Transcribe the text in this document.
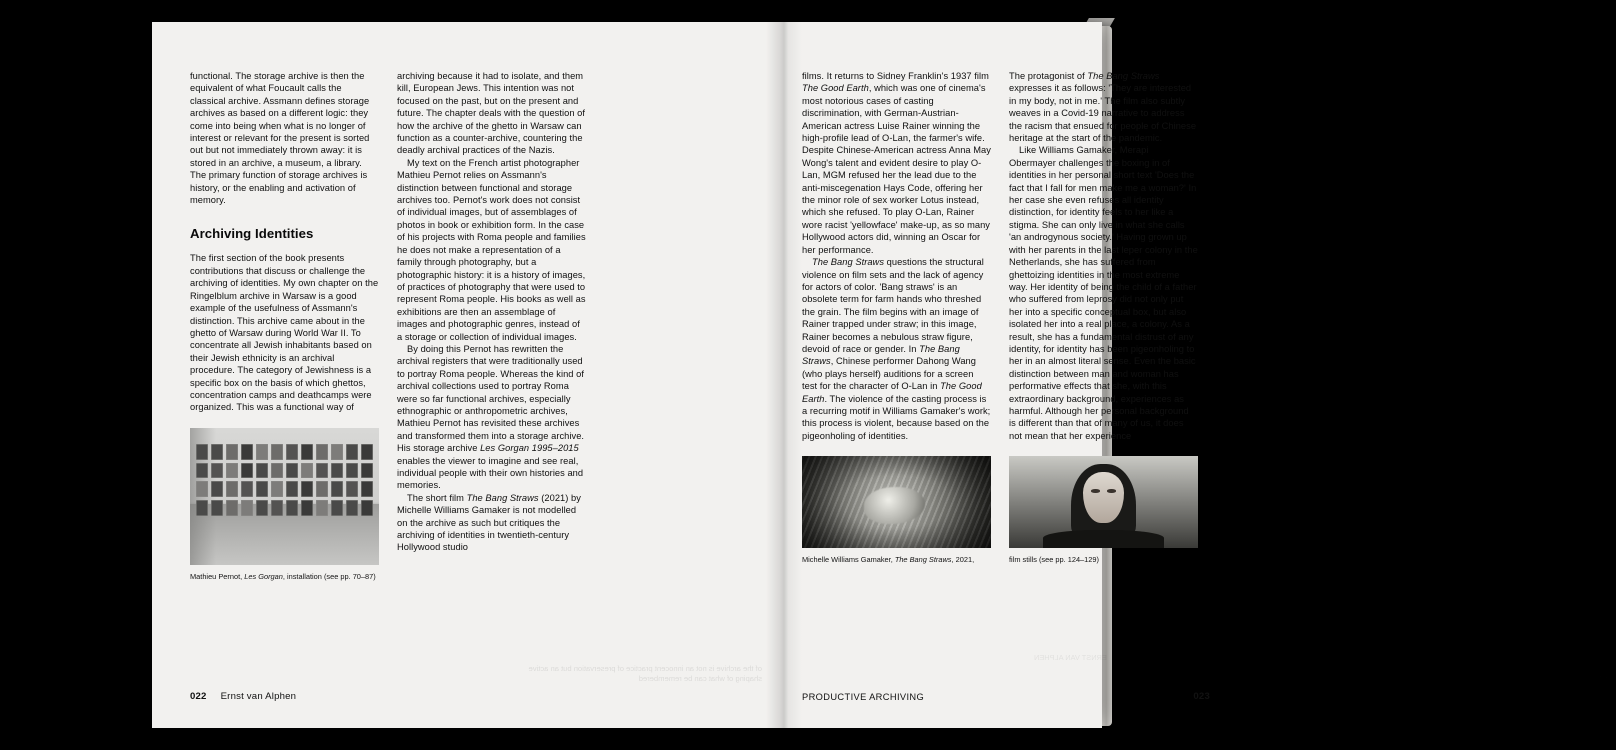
functional. The storage archive is then the equivalent of what Foucault calls the classical archive. Assmann defines storage archives as based on a different logic: they come into being when what is no longer of interest or relevant for the present is sorted out but not immediately thrown away: it is stored in an archive, a museum, a library. The primary function of storage archives is history, or the enabling and activation of memory.

Archiving Identities

The first section of the book presents contributions that discuss or challenge the archiving of identities. My own chapter on the Ringelblum archive in Warsaw is a good example of the usefulness of Assmann's distinction. This archive came about in the ghetto of Warsaw during World War II. To concentrate all Jewish inhabitants based on their Jewish ethnicity is an archival procedure. The category of Jewishness is a specific box on the basis of which ghettos, concentration camps and deathcamps were organized. This was a functional way of

Mathieu Pernot, Les Gorgan, installation (see pp. 70–87)

archiving because it had to isolate, and them kill, European Jews. This intention was not focused on the past, but on the present and future. The chapter deals with the question of how the archive of the ghetto in Warsaw can function as a counter-archive, countering the deadly archival practices of the Nazis.

My text on the French artist photographer Mathieu Pernot relies on Assmann's distinction between functional and storage archives too. Pernot's work does not consist of individual images, but of assemblages of photos in book or exhibition form. In the case of his projects with Roma people and families he does not make a representation of a family through photography, but a photographic history: it is a history of images, of practices of photography that were used to represent Roma people. His books as well as exhibitions are then an assemblage of images and photographic genres, instead of a storage or collection of individual images.

By doing this Pernot has rewritten the archival registers that were traditionally used to portray Roma people. Whereas the kind of archival collections used to portray Roma were so far functional archives, especially ethnographic or anthropometric archives, Mathieu Pernot has revisited these archives and transformed them into a storage archive. His storage archive Les Gorgan 1995–2015 enables the viewer to imagine and see real, individual people with their own histories and memories.

The short film The Bang Straws (2021) by Michelle Williams Gamaker is not modelled on the archive as such but critiques the archiving of identities in twentieth-century Hollywood studio

of the archive is not an innocent practice of preservation but an active shaping of what can be remembered
022 Ernst van Alphen

films. It returns to Sidney Franklin's 1937 film The Good Earth, which was one of cinema's most notorious cases of casting discrimination, with German-Austrian-American actress Luise Rainer winning the high-profile lead of O-Lan, the farmer's wife. Despite Chinese-American actress Anna May Wong's talent and evident desire to play O-Lan, MGM refused her the lead due to the anti-miscegenation Hays Code, offering her the minor role of sex worker Lotus instead, which she refused. To play O-Lan, Rainer wore racist 'yellowface' make-up, as so many Hollywood actors did, winning an Oscar for her performance.

The Bang Straws questions the structural violence on film sets and the lack of agency for actors of color. 'Bang straws' is an obsolete term for farm hands who threshed the grain. The film begins with an image of Rainer trapped under straw; in this image, Rainer becomes a nebulous straw figure, devoid of race or gender. In The Bang Straws, Chinese performer Dahong Wang (who plays herself) auditions for a screen test for the character of O-Lan in The Good Earth. The violence of the casting process is a recurring motif in Williams Gamaker's work; this process is violent, because based on the pigeonholing of identities.

Michelle Williams Gamaker, The Bang Straws, 2021,

The protagonist of The Bang Straws expresses it as follows: 'They are interested in my body, not in me.' The film also subtly weaves in a Covid-19 narrative to address the racism that ensued for people of Chinese heritage at the start of the pandemic.

Like Williams Gamaker, Merapi Obermayer challenges the boxing in of identities in her personal short text 'Does the fact that I fall for men make me a woman?' In her case she even refuses all identity distinction, for identity feels to her like a stigma. She can only live in what she calls 'an androgynous society.' Having grown up with her parents in the last leper colony in the Netherlands, she has suffered from ghettoizing identities in the most extreme way. Her identity of being the child of a father who suffered from leprosy did not only put her into a specific conceptual box, but also isolated her into a real place, a colony. As a result, she has a fundamental distrust of any identity, for identity has been pigeonholing to her in an almost literal sense. Even the basic distinction between man and woman has performative effects that she, with this extraordinary background, experiences as harmful. Although her personal background is different than that of many of us, it does not mean that her experience

film stills (see pp. 124–129)
counter-archive countering the deadly archival practices
ERNST VAN ALPHEN
PRODUCTIVE ARCHIVING	023
